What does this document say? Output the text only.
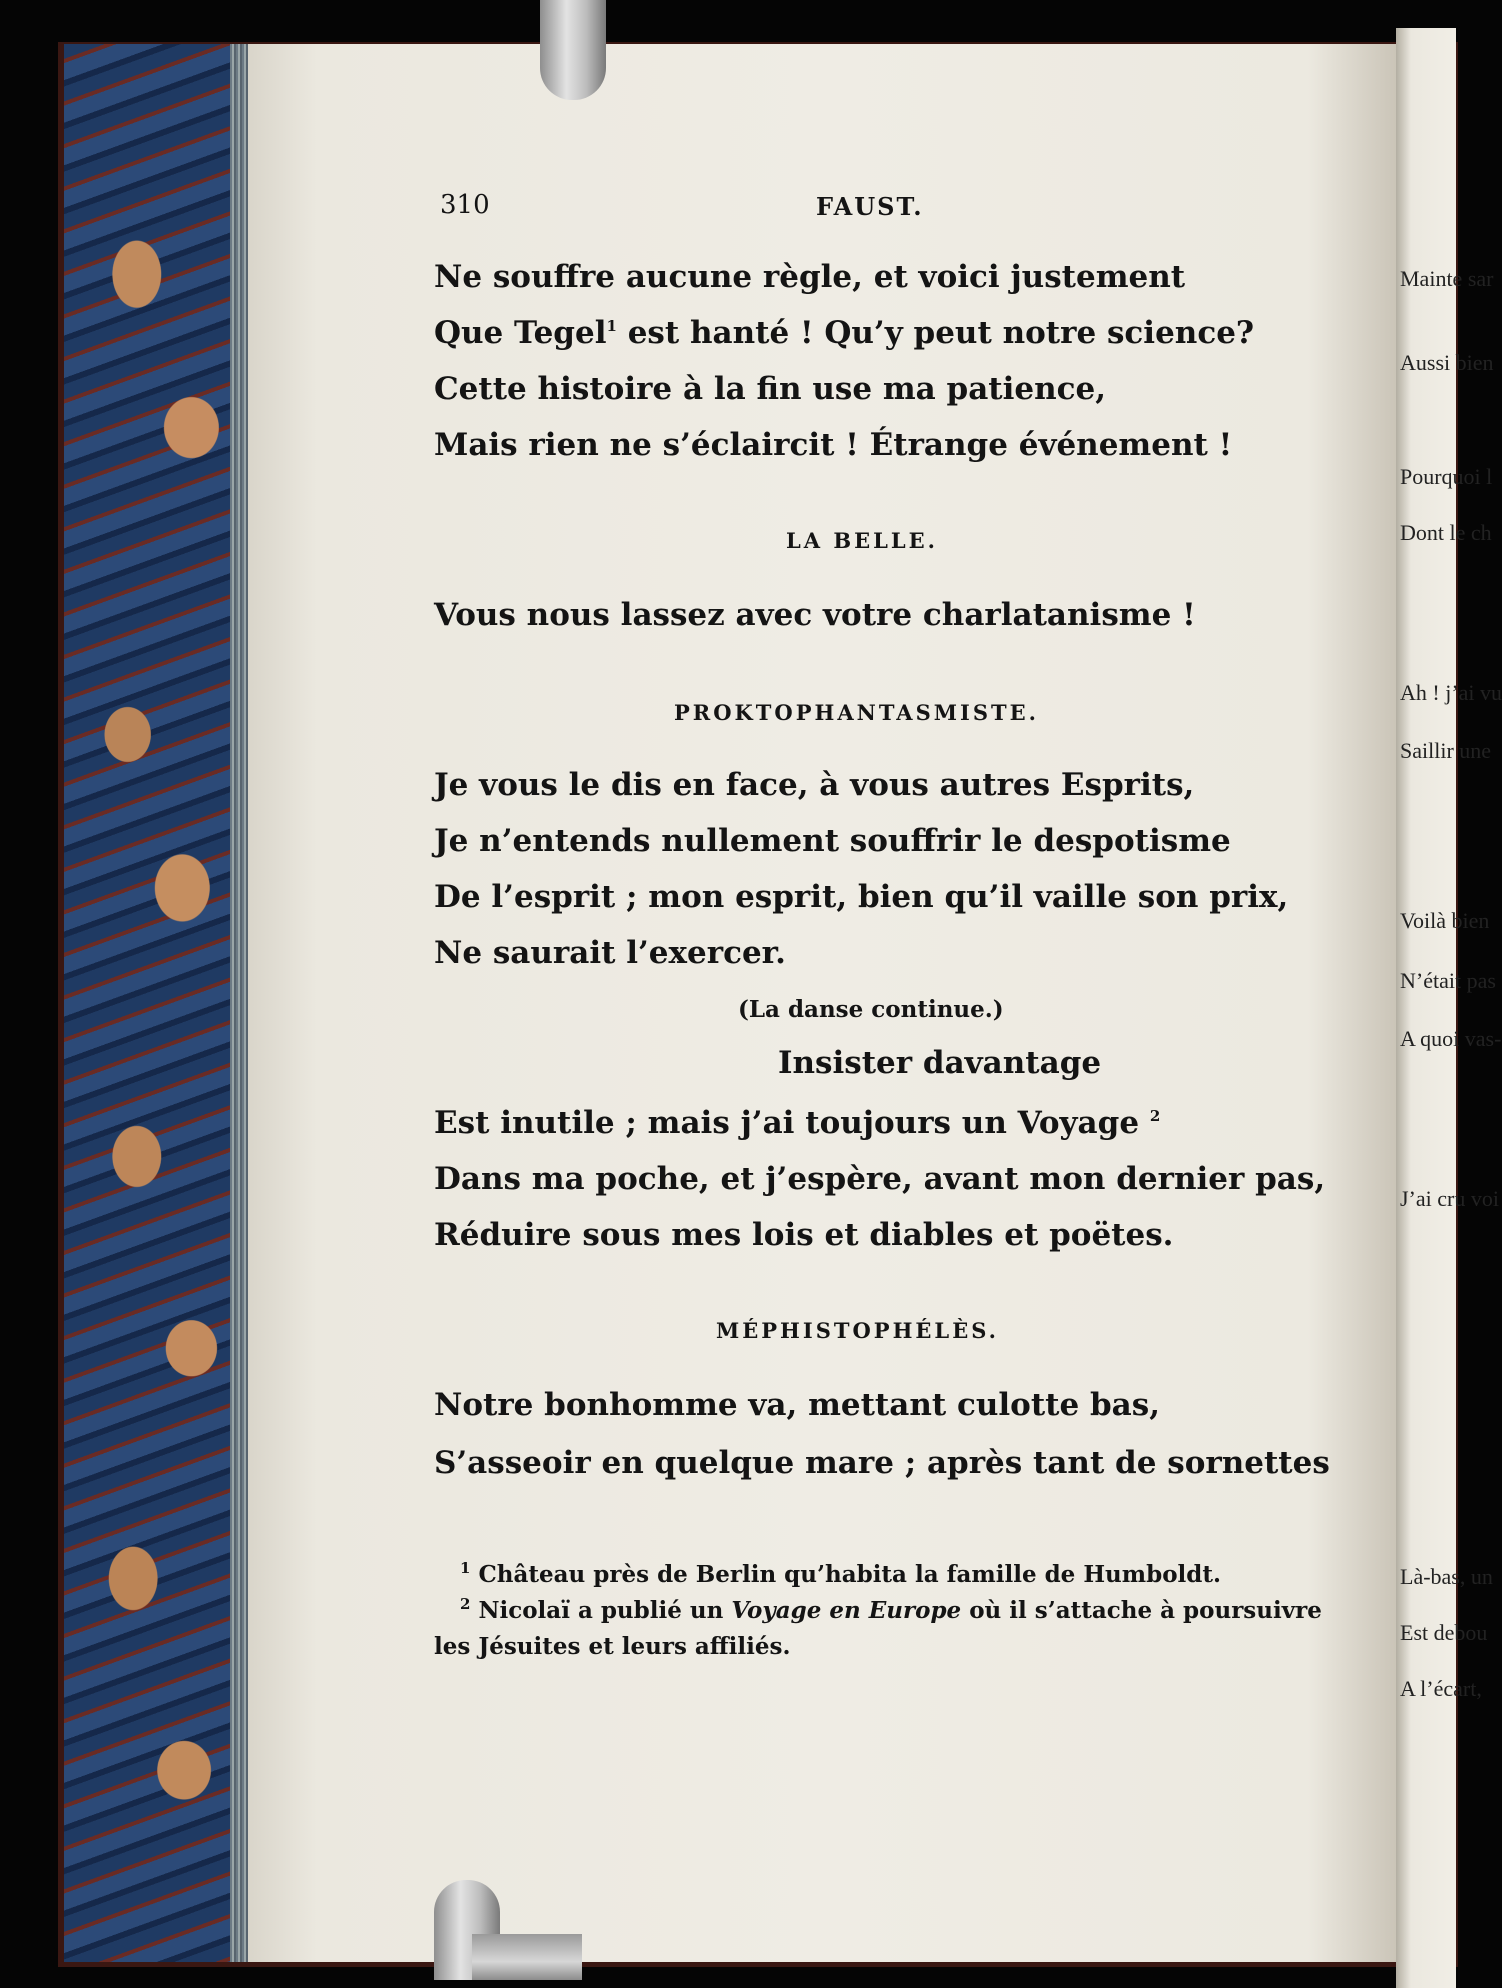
Mainte sar
Aussi bien
Pourquoi l
Dont le ch
Ah ! j’ai vu
Saillir une
Voilà bien
N’était pas
A quoi vas-
J’ai cru voi
Là-bas, un
Est debou
A l’écart,
310	FAUST.
Ne souffre aucune règle, et voici justement
Que Tegel$^1$ est hanté ! Qu’y peut notre science?
Cette histoire à la fin use ma patience,
Mais rien ne s’éclaircit ! Étrange événement !
LA BELLE.
Vous nous lassez avec votre charlatanisme !
PROKTOPHANTASMISTE.
Je vous le dis en face, à vous autres Esprits,
Je n’entends nullement souffrir le despotisme
De l’esprit ; mon esprit, bien qu’il vaille son prix,
Ne saurait l’exercer.
(La danse continue.)
Insister davantage
Est inutile ; mais j’ai toujours un Voyage $^2$
Dans ma poche, et j’espère, avant mon dernier pas,
Réduire sous mes lois et diables et poëtes.
MÉPHISTOPHÉLÈS.
Notre bonhomme va, mettant culotte bas,
S’asseoir en quelque mare ; après tant de sornettes
$^1$ Château près de Berlin qu’habita la famille de Humboldt.
$^2$ Nicolaï a publié un Voyage en Europe où il s’attache à poursuivre
les Jésuites et leurs affiliés.
